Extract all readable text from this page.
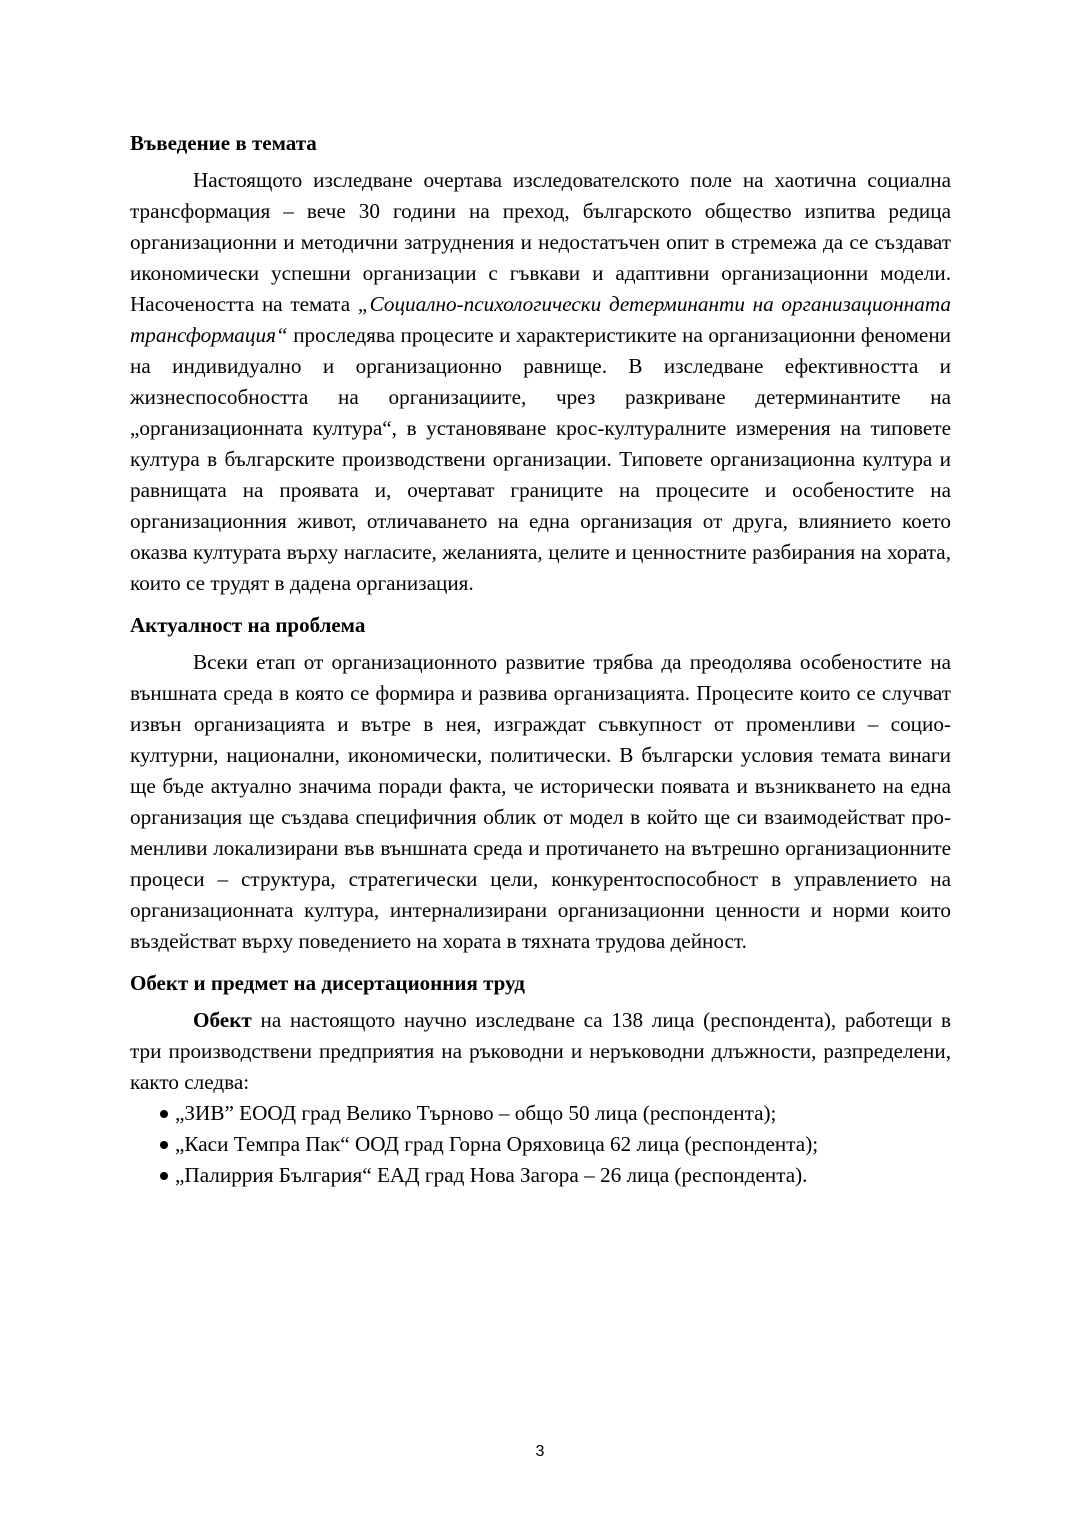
Въведение в темата

Настоящото изследване очертава изследователското поле на хаотична социална трансформация – вече 30 години на преход, българското общество изпитва редица организационни и методични затруднения и недостатъчен опит в стремежа да се създават икономически успешни организации с гъвкави и адаптивни организационни модели. Насочеността на темата „Социално-психологически детерминанти на организационната трансформация“ проследява процесите и характеристиките на организационни феномени на индивидуално и организационно равнище. В изследване ефективността и жизнеспособността на организациите, чрез разкриване детерминантите на „организационната култура“, в установяване крос-културалните измерения на типовете култура в българските производствени организации. Типовете организационна култура и равнищата на проявата и, очертават границите на процесите и особеностите на организационния живот, отличаването на една организация от друга, влиянието което оказва културата върху нагласите, желанията, целите и ценностните разбирания на хората, които се трудят в дадена организация.

Актуалност на проблема

Всеки етап от организационното развитие трябва да преодолява особеностите на външната среда в която се формира и развива организацията. Процесите които се случват извън организацията и вътре в нея, изграждат съвкупност от променливи – социо-културни, национални, икономически, политически. В български условия темата винаги ще бъде актуално значима поради факта, че исторически появата и възникването на една организация ще създава специфичния облик от модел в който ще си взаимодействат променливи локализирани във външната среда и протичането на вътрешно организационните процеси – структура, стратегически цели, конкурентоспособност в управлението на организационната култура, интернализирани организационни ценности и норми които въздействат върху поведението на хората в тяхната трудова дейност.

Обект и предмет на дисертационния труд

Обект на настоящото научно изследване са 138 лица (респондента), работещи в три производствени предприятия на ръководни и неръководни длъжности, разпределени, както следва:

„ЗИВ” ЕООД град Велико Търново – общо 50 лица (респондента);
„Каси Темпра Пак“ ООД град Горна Оряховица 62 лица (респондента);
„Палиррия България“ ЕАД град Нова Загора – 26 лица (респондента).
3
